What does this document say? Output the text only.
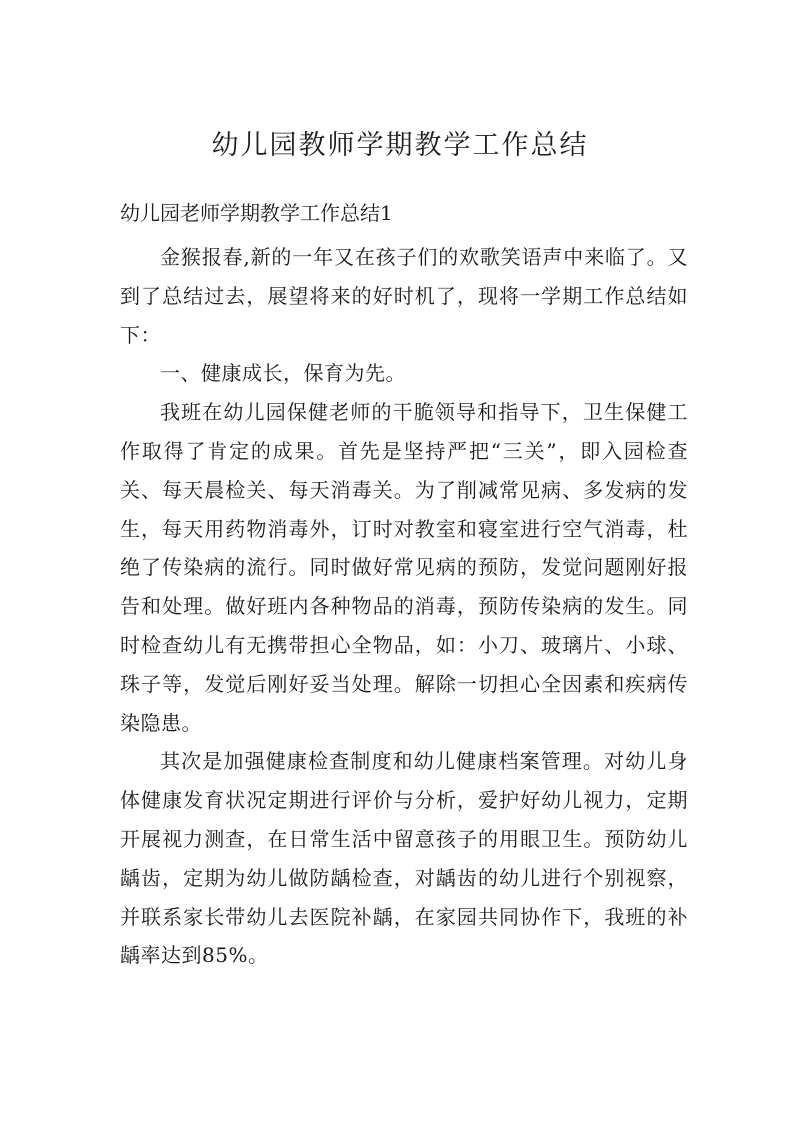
幼儿园教师学期教学工作总结

幼儿园老师学期教学工作总结1

金猴报春,新的一年又在孩子们的欢歌笑语声中来临了。又到了总结过去，展望将来的好时机了，现将一学期工作总结如下：

一、健康成长，保育为先。

我班在幼儿园保健老师的干脆领导和指导下，卫生保健工作取得了肯定的成果。首先是坚持严把“三关”，即入园检查关、每天晨检关、每天消毒关。为了削减常见病、多发病的发生，每天用药物消毒外，订时对教室和寝室进行空气消毒，杜绝了传染病的流行。同时做好常见病的预防，发觉问题刚好报告和处理。做好班内各种物品的消毒，预防传染病的发生。同时检查幼儿有无携带担心全物品，如：小刀、玻璃片、小球、珠子等，发觉后刚好妥当处理。解除一切担心全因素和疾病传染隐患。

其次是加强健康检查制度和幼儿健康档案管理。对幼儿身体健康发育状况定期进行评价与分析，爱护好幼儿视力，定期开展视力测查，在日常生活中留意孩子的用眼卫生。预防幼儿龋齿，定期为幼儿做防龋检查，对龋齿的幼儿进行个别视察，并联系家长带幼儿去医院补龋，在家园共同协作下，我班的补龋率达到85%。
